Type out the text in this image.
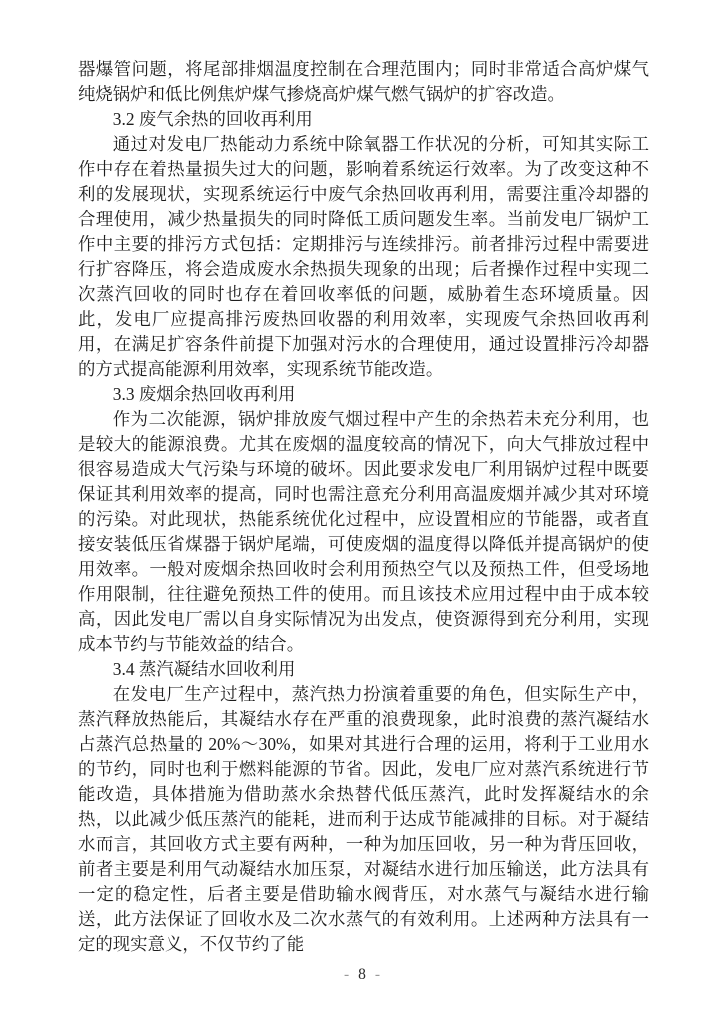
器爆管问题，将尾部排烟温度控制在合理范围内；同时非常适合高炉煤气纯烧锅炉和低比例焦炉煤气掺烧高炉煤气燃气锅炉的扩容改造。

3.2 废气余热的回收再利用

通过对发电厂热能动力系统中除氧器工作状况的分析，可知其实际工作中存在着热量损失过大的问题，影响着系统运行效率。为了改变这种不利的发展现状，实现系统运行中废气余热回收再利用，需要注重冷却器的合理使用，减少热量损失的同时降低工质问题发生率。当前发电厂锅炉工作中主要的排污方式包括：定期排污与连续排污。前者排污过程中需要进行扩容降压，将会造成废水余热损失现象的出现；后者操作过程中实现二次蒸汽回收的同时也存在着回收率低的问题，威胁着生态环境质量。因此，发电厂应提高排污废热回收器的利用效率，实现废气余热回收再利用，在满足扩容条件前提下加强对污水的合理使用，通过设置排污冷却器的方式提高能源利用效率，实现系统节能改造。

3.3 废烟余热回收再利用

作为二次能源，锅炉排放废气烟过程中产生的余热若未充分利用，也是较大的能源浪费。尤其在废烟的温度较高的情况下，向大气排放过程中很容易造成大气污染与环境的破坏。因此要求发电厂利用锅炉过程中既要保证其利用效率的提高，同时也需注意充分利用高温废烟并减少其对环境的污染。对此现状，热能系统优化过程中，应设置相应的节能器，或者直接安装低压省煤器于锅炉尾端，可使废烟的温度得以降低并提高锅炉的使用效率。一般对废烟余热回收时会利用预热空气以及预热工件，但受场地作用限制，往往避免预热工件的使用。而且该技术应用过程中由于成本较高，因此发电厂需以自身实际情况为出发点，使资源得到充分利用，实现成本节约与节能效益的结合。

3.4 蒸汽凝结水回收利用

在发电厂生产过程中，蒸汽热力扮演着重要的角色，但实际生产中，蒸汽释放热能后，其凝结水存在严重的浪费现象，此时浪费的蒸汽凝结水占蒸汽总热量的 20%～30%，如果对其进行合理的运用，将利于工业用水的节约，同时也利于燃料能源的节省。因此，发电厂应对蒸汽系统进行节能改造，具体措施为借助蒸水余热替代低压蒸汽，此时发挥凝结水的余热，以此减少低压蒸汽的能耗，进而利于达成节能减排的目标。对于凝结水而言，其回收方式主要有两种，一种为加压回收，另一种为背压回收，前者主要是利用气动凝结水加压泵，对凝结水进行加压输送，此方法具有一定的稳定性，后者主要是借助输水阀背压，对水蒸气与凝结水进行输送，此方法保证了回收水及二次水蒸气的有效利用。上述两种方法具有一定的现实意义，不仅节约了能

- 8 -
